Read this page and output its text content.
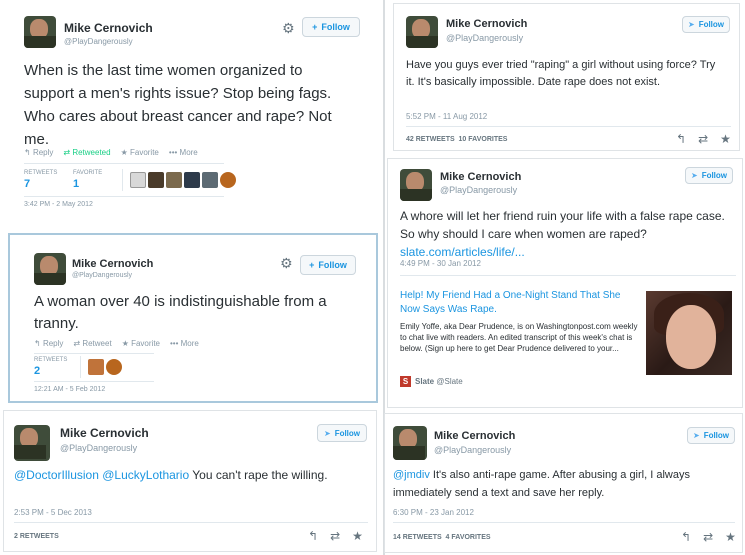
Mike Cernovich
@PlayDangerously
⚙ + Follow
When is the last time women organized to support a men's rights issue? Stop being fags. Who cares about breast cancer and rape? Not me.
↰ Reply ⇄ Retweeted ★ Favorite ••• More
RETWEETS
7
FAVORITE
1
3:42 PM - 2 May 2012
Mike Cernovich
@PlayDangerously
➤ Follow
Have you guys ever tried "raping" a girl without using force? Try it. It's basically impossible. Date rape does not exist.
5:52 PM - 11 Aug 2012
42 RETWEETS 10 FAVORITES	↰ ⇄ ★
Mike Cernovich
@PlayDangerously
➤ Follow
A whore will let her friend ruin your life with a false rape case. So why should I care when women are raped? slate.com/articles/life/...
4:49 PM - 30 Jan 2012
Help! My Friend Had a One-Night Stand That She Now Says Was Rape.
Emily Yoffe, aka Dear Prudence, is on Washingtonpost.com weekly to chat live with readers. An edited transcript of this week's chat is below. (Sign up here to get Dear Prudence delivered to your...
S Slate @Slate
Mike Cernovich
@PlayDangerously
⚙ + Follow
A woman over 40 is indistinguishable from a tranny.
↰ Reply ⇄ Retweet ★ Favorite ••• More
RETWEETS
2
12:21 AM - 5 Feb 2012
Mike Cernovich
@PlayDangerously
➤ Follow
@DoctorIllusion @LuckyLothario You can't rape the willing.
2:53 PM - 5 Dec 2013
2 RETWEETS	↰ ⇄ ★
Mike Cernovich
@PlayDangerously
➤ Follow
@jmdiv It's also anti-rape game. After abusing a girl, I always immediately send a text and save her reply.
6:30 PM - 23 Jan 2012
14 RETWEETS 4 FAVORITES	↰ ⇄ ★
